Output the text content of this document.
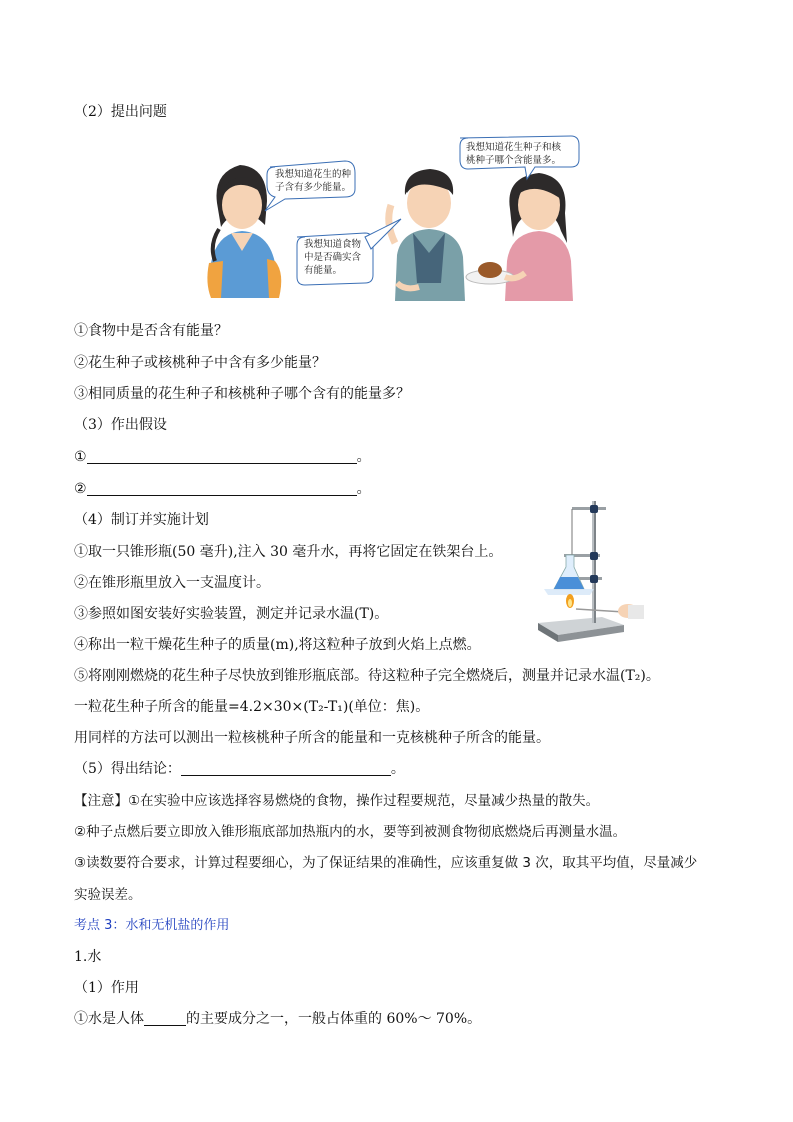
（2）提出问题
我想知道花生的种
子含有多少能量。
我想知道食物
中是否确实含
有能量。
我想知道花生种子和核
桃种子哪个含能量多。
①食物中是否含有能量？
②花生种子或核桃种子中含有多少能量？
③相同质量的花生种子和核桃种子哪个含有的能量多？
（3）作出假设
①	。
②	。
（4）制订并实施计划
①取一只锥形瓶(50 毫升),注入 30 毫升水，再将它固定在铁架台上。
②在锥形瓶里放入一支温度计。
③参照如图安装好实验装置，测定并记录水温(T)。
④称出一粒干燥花生种子的质量(m),将这粒种子放到火焰上点燃。
⑤将刚刚燃烧的花生种子尽快放到锥形瓶底部。待这粒种子完全燃烧后，测量并记录水温(T₂)。
一粒花生种子所含的能量=4.2×30×(T₂-T₁)(单位：焦)。
用同样的方法可以测出一粒核桃种子所含的能量和一克核桃种子所含的能量。
（5）得出结论：	。
【注意】①在实验中应该选择容易燃烧的食物，操作过程要规范，尽量减少热量的散失。
②种子点燃后要立即放入锥形瓶底部加热瓶内的水，要等到被测食物彻底燃烧后再测量水温。
③读数要符合要求，计算过程要细心，为了保证结果的准确性，应该重复做 3 次，取其平均值，尽量减少
实验误差。
考点 3：水和无机盐的作用
1.水
（1）作用
①水是人体	的主要成分之一，一般占体重的 60%～ 70%。
